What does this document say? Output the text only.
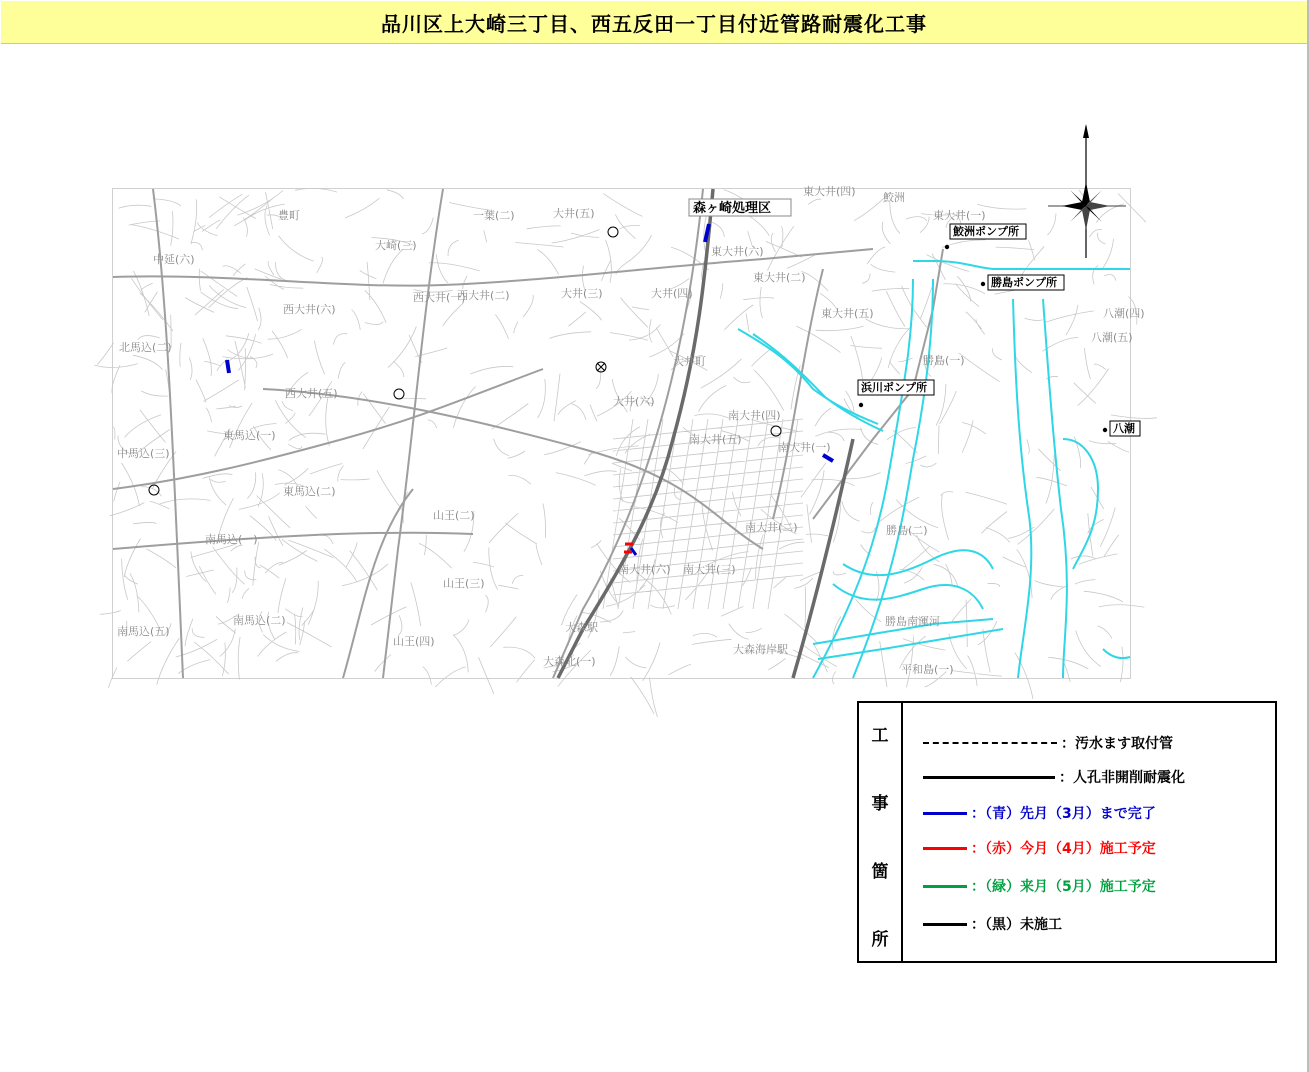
品川区上大崎三丁目、西五反田一丁目付近管路耐震化工事
鮫洲ポンプ所
勝島ポンプ所
浜川ポンプ所
八潮
森ヶ崎処理区
一葉(二)	大井(五)
東大井(四) 鮫洲
東大井(一)
東大井(六)
東大井(二)
東大井(五)
大井(三)	大井(四)
西大井(一)
西大井(六)
西大井(二)
西大井(五)
大井(六)
南大井(五)
南大井(四)
南大井(一)
南大井(二)
南大井(六) 南大井(三)
勝島(一)
勝島(二)
八潮(五)
八潮(四)
北馬込(二)
中延(六)
豊町
東馬込(一)
東馬込(二)
中馬込(三)
南馬込(二)
南馬込(一)
南馬込(五)
山王(二)
山王(三)
山王(四)
大森北(一)
大森駅
大森海岸駅
平和島(一)
勝島南運河
大井町
大崎(三)
工
事
箇
所
：汚水ます取付管
：人孔非開削耐震化
：（青）先月（3月）まで完了
：（赤）今月（4月）施工予定
：（緑）来月（5月）施工予定
：（黒）未施工
